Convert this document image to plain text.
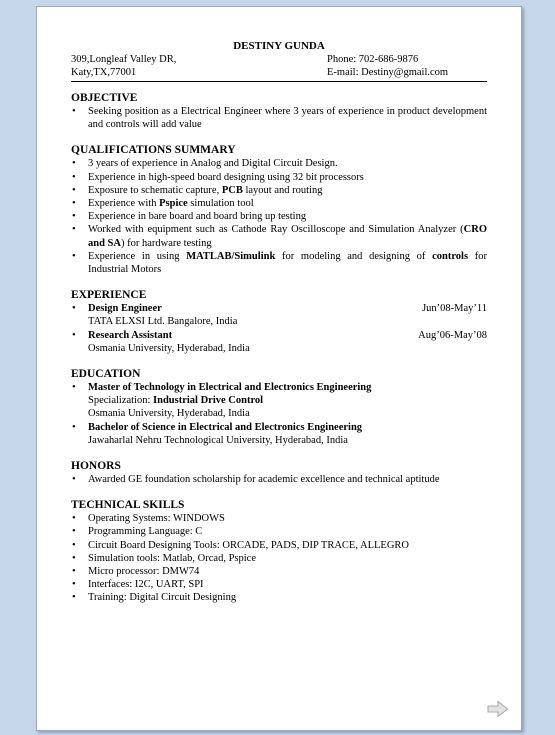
DESTINY GUNDA
309,Longleaf Valley DR,
Katy,TX,77001
Phone: 702-686-9876
E-mail: Destiny@gmail.com
OBJECTIVE
• Seeking position as a Electrical Engineer where 3 years of experience in product development and controls will add value
QUALIFICATIONS SUMMARY
• 3 years of experience in Analog and Digital Circuit Design.
• Experience in high-speed board designing using 32 bit processors
• Exposure to schematic capture, PCB layout and routing
• Experience with Pspice simulation tool
• Experience in bare board and board bring up testing
• Worked with equipment such as Cathode Ray Oscilloscope and Simulation Analyzer (CRO and SA) for hardware testing
• Experience in using MATLAB/Simulink for modeling and designing of controls for Industrial Motors
EXPERIENCE
• Design Engineer	Jun’08-May’11
TATA ELXSI Ltd. Bangalore, India
• Research Assistant	Aug’06-May’08
Osmania University, Hyderabad, India
EDUCATION
• Master of Technology in Electrical and Electronics Engineering
Specialization: Industrial Drive Control
Osmania University, Hyderabad, India
• Bachelor of Science in Electrical and Electronics Engineering
Jawaharlal Nehru Technological University, Hyderabad, India
HONORS
• Awarded GE foundation scholarship for academic excellence and technical aptitude
TECHNICAL SKILLS
• Operating Systems: WINDOWS
• Programming Language: C
• Circuit Board Designing Tools: ORCADE, PADS, DIP TRACE, ALLEGRO
• Simulation tools: Matlab, Orcad, Pspice
• Micro processor: DMW74
• Interfaces: I2C, UART, SPI
• Training: Digital Circuit Designing
